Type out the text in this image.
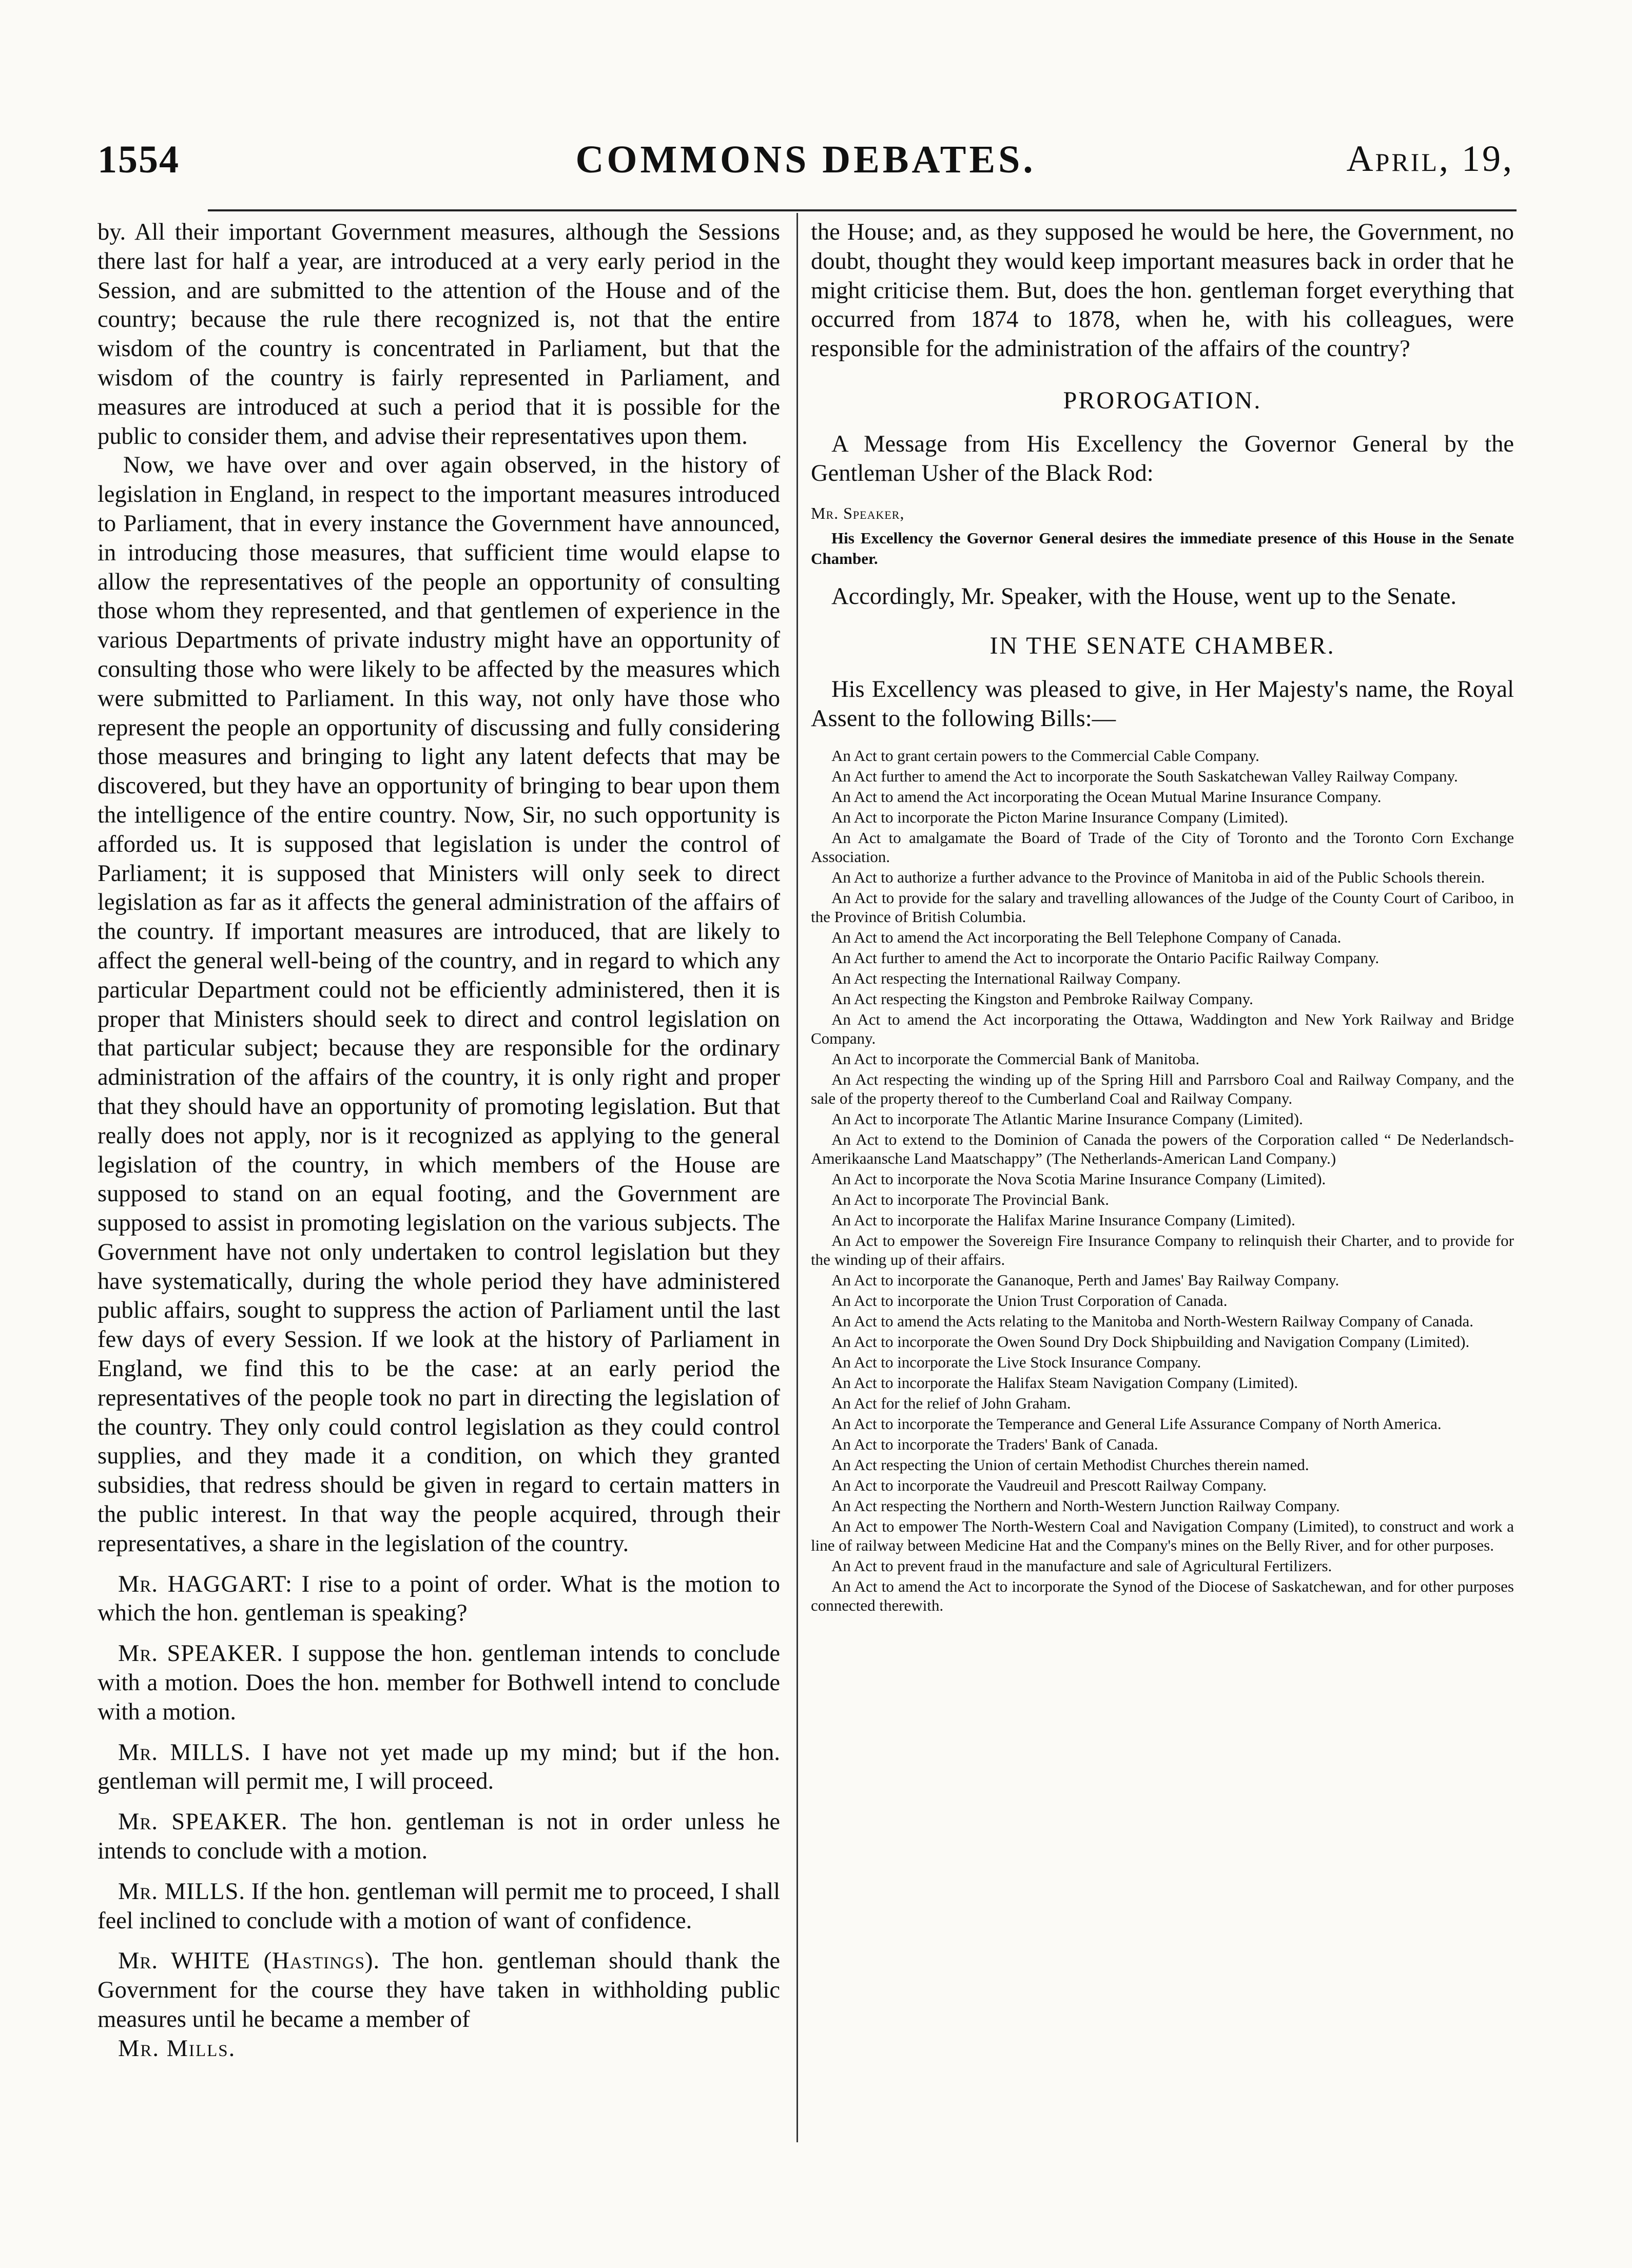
1554	COMMONS DEBATES.	April, 19,

by. All their important Government measures, although the Sessions there last for half a year, are introduced at a very early period in the Session, and are submitted to the attention of the House and of the country; because the rule there recognized is, not that the entire wisdom of the country is concentrated in Parliament, but that the wisdom of the country is fairly represented in Parliament, and measures are introduced at such a period that it is possible for the public to consider them, and advise their representatives upon them.

Now, we have over and over again observed, in the history of legislation in England, in respect to the important measures introduced to Parliament, that in every instance the Government have announced, in introducing those measures, that sufficient time would elapse to allow the representatives of the people an opportunity of consulting those whom they represented, and that gentlemen of experience in the various Departments of private industry might have an opportunity of consulting those who were likely to be affected by the measures which were submitted to Parliament. In this way, not only have those who represent the people an opportunity of discussing and fully considering those measures and bringing to light any latent defects that may be discovered, but they have an opportunity of bringing to bear upon them the intelligence of the entire country. Now, Sir, no such opportunity is afforded us. It is supposed that legislation is under the control of Parliament; it is supposed that Ministers will only seek to direct legislation as far as it affects the general administration of the affairs of the country. If important measures are introduced, that are likely to affect the general well-being of the country, and in regard to which any particular Department could not be efficiently administered, then it is proper that Ministers should seek to direct and control legislation on that particular subject; because they are responsible for the ordinary administration of the affairs of the country, it is only right and proper that they should have an opportunity of promoting legislation. But that really does not apply, nor is it recognized as applying to the general legislation of the country, in which members of the House are supposed to stand on an equal footing, and the Government are supposed to assist in promoting legislation on the various subjects. The Government have not only undertaken to control legislation but they have systematically, during the whole period they have administered public affairs, sought to suppress the action of Parliament until the last few days of every Session. If we look at the history of Parliament in England, we find this to be the case: at an early period the representatives of the people took no part in directing the legislation of the country. They only could control legislation as they could control supplies, and they made it a condition, on which they granted subsidies, that redress should be given in regard to certain matters in the public interest. In that way the people acquired, through their representatives, a share in the legislation of the country.

Mr. HAGGART: I rise to a point of order. What is the motion to which the hon. gentleman is speaking?

Mr. SPEAKER. I suppose the hon. gentleman intends to conclude with a motion. Does the hon. member for Bothwell intend to conclude with a motion.

Mr. MILLS. I have not yet made up my mind; but if the hon. gentleman will permit me, I will proceed.

Mr. SPEAKER. The hon. gentleman is not in order unless he intends to conclude with a motion.

Mr. MILLS. If the hon. gentleman will permit me to proceed, I shall feel inclined to conclude with a motion of want of confidence.

Mr. WHITE (Hastings). The hon. gentleman should thank the Government for the course they have taken in withholding public measures until he became a member of

Mr. Mills.

the House; and, as they supposed he would be here, the Government, no doubt, thought they would keep important measures back in order that he might criticise them. But, does the hon. gentleman forget everything that occurred from 1874 to 1878, when he, with his colleagues, were responsible for the administration of the affairs of the country?

PROROGATION.

A Message from His Excellency the Governor General by the Gentleman Usher of the Black Rod:

Mr. Speaker,

His Excellency the Governor General desires the immediate presence of this House in the Senate Chamber.

Accordingly, Mr. Speaker, with the House, went up to the Senate.

IN THE SENATE CHAMBER.

His Excellency was pleased to give, in Her Majesty's name, the Royal Assent to the following Bills:—

An Act to grant certain powers to the Commercial Cable Company.

An Act further to amend the Act to incorporate the South Saskatchewan Valley Railway Company.

An Act to amend the Act incorporating the Ocean Mutual Marine Insurance Company.

An Act to incorporate the Picton Marine Insurance Company (Limited).

An Act to amalgamate the Board of Trade of the City of Toronto and the Toronto Corn Exchange Association.

An Act to authorize a further advance to the Province of Manitoba in aid of the Public Schools therein.

An Act to provide for the salary and travelling allowances of the Judge of the County Court of Cariboo, in the Province of British Columbia.

An Act to amend the Act incorporating the Bell Telephone Company of Canada.

An Act further to amend the Act to incorporate the Ontario Pacific Railway Company.

An Act respecting the International Railway Company.

An Act respecting the Kingston and Pembroke Railway Company.

An Act to amend the Act incorporating the Ottawa, Waddington and New York Railway and Bridge Company.

An Act to incorporate the Commercial Bank of Manitoba.

An Act respecting the winding up of the Spring Hill and Parrsboro Coal and Railway Company, and the sale of the property thereof to the Cumberland Coal and Railway Company.

An Act to incorporate The Atlantic Marine Insurance Company (Limited).

An Act to extend to the Dominion of Canada the powers of the Corporation called “ De Nederlandsch-Amerikaansche Land Maatschappy” (The Netherlands-American Land Company.)

An Act to incorporate the Nova Scotia Marine Insurance Company (Limited).

An Act to incorporate The Provincial Bank.

An Act to incorporate the Halifax Marine Insurance Company (Limited).

An Act to empower the Sovereign Fire Insurance Company to relinquish their Charter, and to provide for the winding up of their affairs.

An Act to incorporate the Gananoque, Perth and James' Bay Railway Company.

An Act to incorporate the Union Trust Corporation of Canada.

An Act to amend the Acts relating to the Manitoba and North-Western Railway Company of Canada.

An Act to incorporate the Owen Sound Dry Dock Shipbuilding and Navigation Company (Limited).

An Act to incorporate the Live Stock Insurance Company.

An Act to incorporate the Halifax Steam Navigation Company (Limited).

An Act for the relief of John Graham.

An Act to incorporate the Temperance and General Life Assurance Company of North America.

An Act to incorporate the Traders' Bank of Canada.

An Act respecting the Union of certain Methodist Churches therein named.

An Act to incorporate the Vaudreuil and Prescott Railway Company.

An Act respecting the Northern and North-Western Junction Railway Company.

An Act to empower The North-Western Coal and Navigation Company (Limited), to construct and work a line of railway between Medicine Hat and the Company's mines on the Belly River, and for other purposes.

An Act to prevent fraud in the manufacture and sale of Agricultural Fertilizers.

An Act to amend the Act to incorporate the Synod of the Diocese of Saskatchewan, and for other purposes connected therewith.
